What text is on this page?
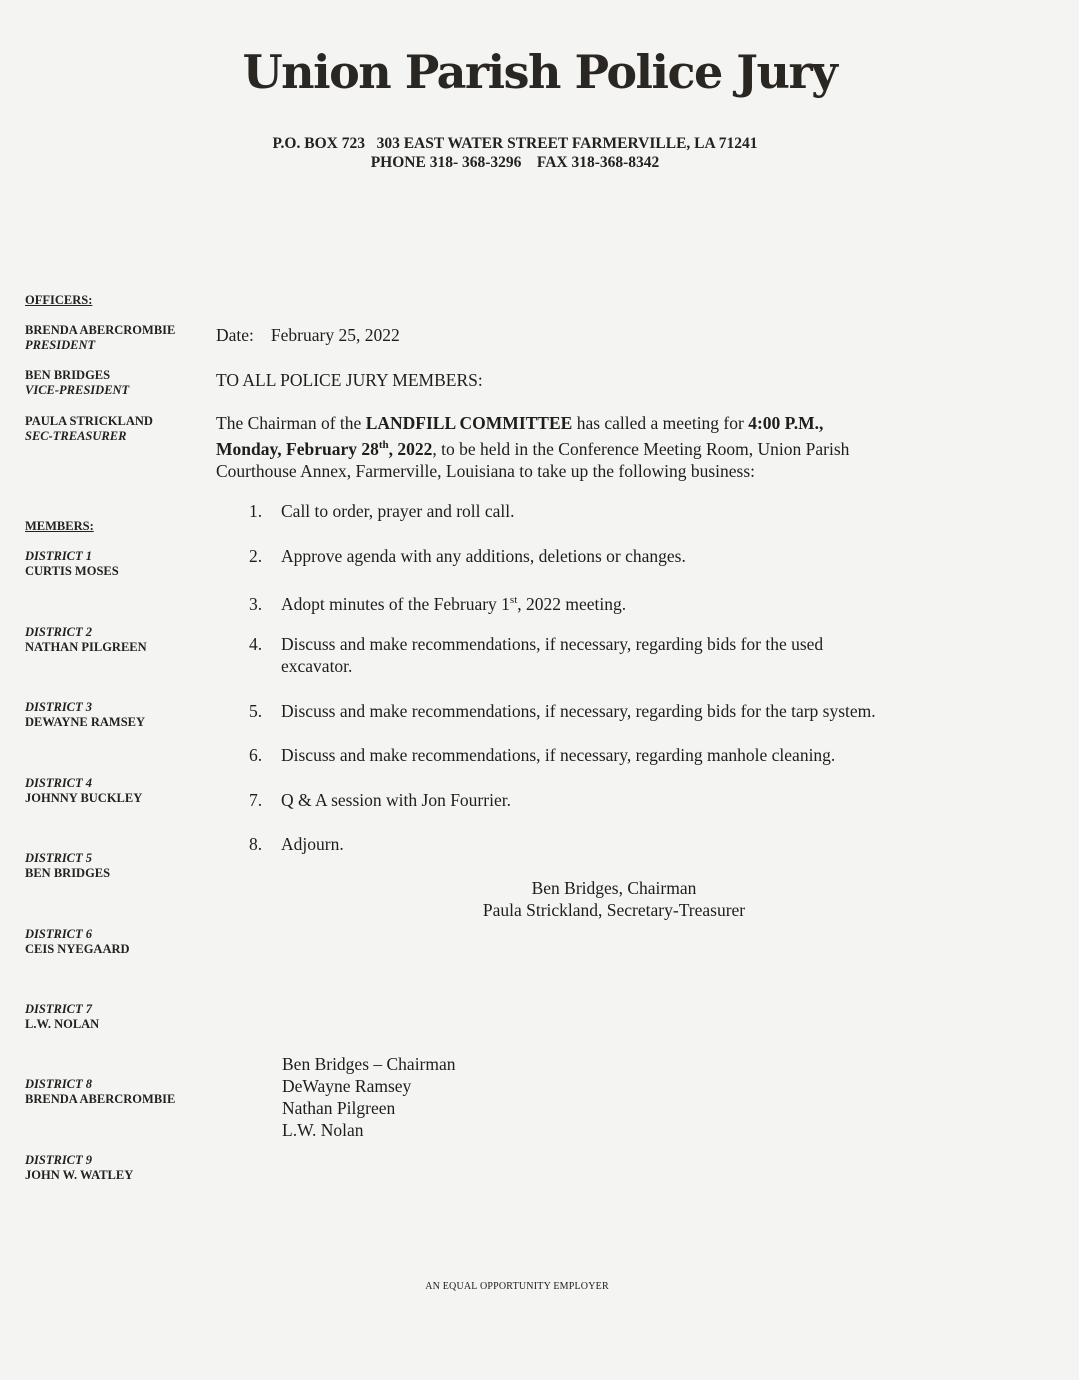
Union Parish Police Jury
P.O. BOX 723   303 EAST WATER STREET FARMERVILLE, LA 71241
PHONE 318- 368-3296    FAX 318-368-8342
OFFICERS:
BRENDA ABERCROMBIE
PRESIDENT
BEN BRIDGES
VICE-PRESIDENT
PAULA STRICKLAND
SEC-TREASURER
MEMBERS:
DISTRICT 1
CURTIS MOSES
DISTRICT 2
NATHAN PILGREEN
DISTRICT 3
DEWAYNE RAMSEY
DISTRICT 4
JOHNNY BUCKLEY
DISTRICT 5
BEN BRIDGES
DISTRICT 6
CEIS NYEGAARD
DISTRICT 7
L.W. NOLAN
DISTRICT 8
BRENDA ABERCROMBIE
DISTRICT 9
JOHN W. WATLEY
Date: February 25, 2022
TO ALL POLICE JURY MEMBERS:
The Chairman of the LANDFILL COMMITTEE has called a meeting for 4:00 P.M.,
Monday, February 28th, 2022, to be held in the Conference Meeting Room, Union Parish
Courthouse Annex, Farmerville, Louisiana to take up the following business:
1. Call to order, prayer and roll call.
2. Approve agenda with any additions, deletions or changes.
3. Adopt minutes of the February 1st, 2022 meeting.
4. Discuss and make recommendations, if necessary, regarding bids for the used
excavator.
5. Discuss and make recommendations, if necessary, regarding bids for the tarp system.
6. Discuss and make recommendations, if necessary, regarding manhole cleaning.
7. Q & A session with Jon Fourrier.
8. Adjourn.
Ben Bridges, Chairman
Paula Strickland, Secretary-Treasurer
Ben Bridges – Chairman
DeWayne Ramsey
Nathan Pilgreen
L.W. Nolan
AN EQUAL OPPORTUNITY EMPLOYER
